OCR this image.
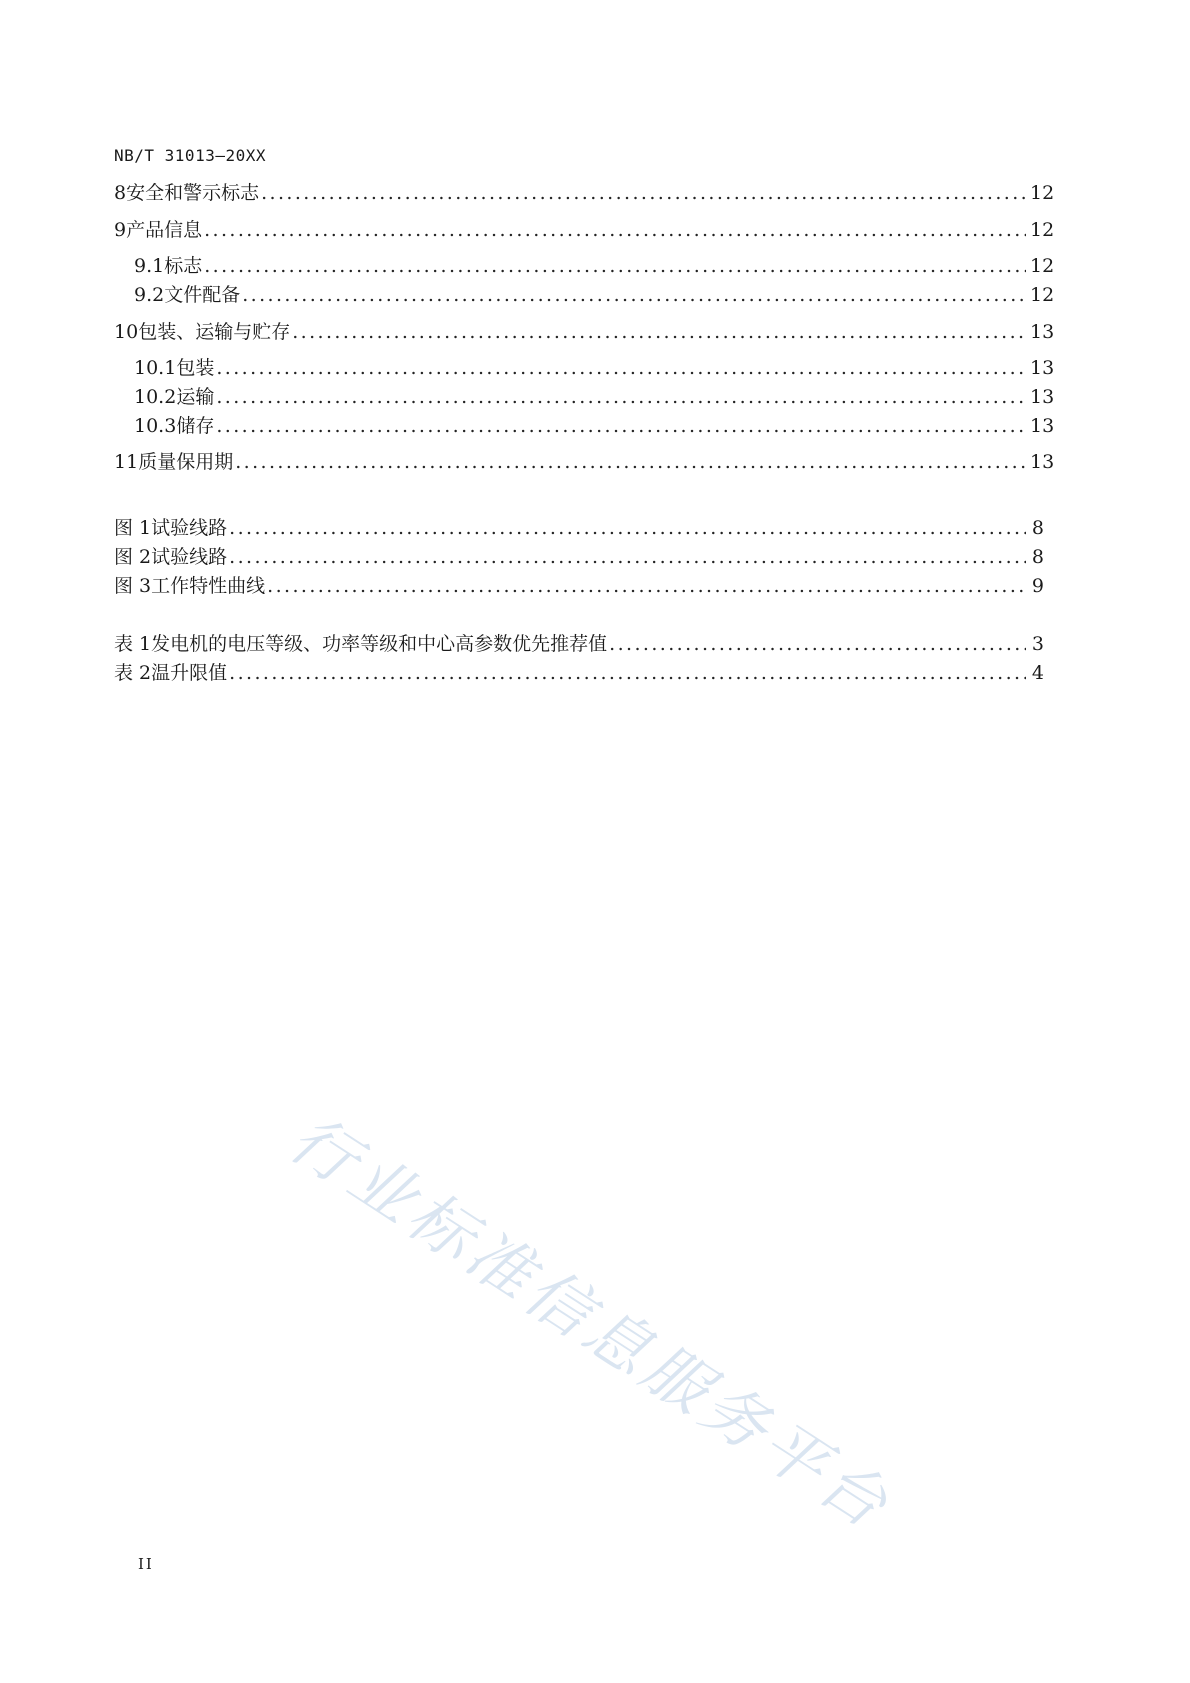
NB/T 31013—20XX
8 安全和警示标志 .....	12
9 产品信息 .....	12
9.1 标志 .....	12
9.2 文件配备 .....	12
10 包装、运输与贮存 .....	13
10.1 包装 .....	13
10.2 运输 .....	13
10.3 储存 .....	13
11 质量保用期 .....	13
图 1 试验线路 .....	8
图 2 试验线路 .....	8
图 3 工作特性曲线 .....	9
表 1 发电机的电压等级、功率等级和中心高参数优先推荐值 .....	3
表 2 温升限值 .....	4
行业标准信息服务平台
II
